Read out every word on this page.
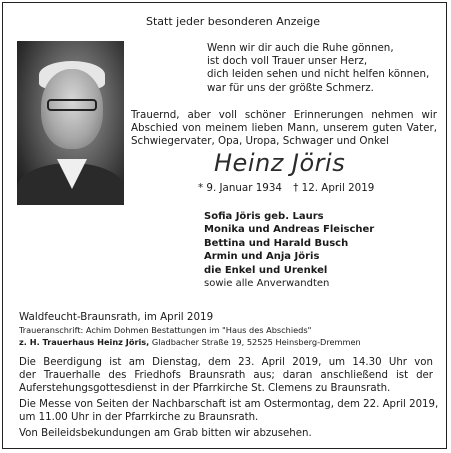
Statt jeder besonderen Anzeige
Wenn wir dir auch die Ruhe gönnen,
ist doch voll Trauer unser Herz,
dich leiden sehen und nicht helfen können,
war für uns der größte Schmerz.
Trauernd, aber voll schöner Erinnerungen nehmen wir
Abschied von meinem lieben Mann, unserem guten Vater,
Schwiegervater, Opa, Uropa, Schwager und Onkel
Heinz Jöris
* 9. Januar 1934 † 12. April 2019
Sofia Jöris geb. Laurs
Monika und Andreas Fleischer
Bettina und Harald Busch
Armin und Anja Jöris
die Enkel und Urenkel
sowie alle Anverwandten
Waldfeucht-Braunsrath, im April 2019
Traueranschrift: Achim Dohmen Bestattungen im "Haus des Abschieds"
z. H. Trauerhaus Heinz Jöris, Gladbacher Straße 19, 52525 Heinsberg-Dremmen
Die Beerdigung ist am Dienstag, dem 23. April 2019, um 14.30 Uhr von
der Trauerhalle des Friedhofs Braunsrath aus; daran anschließend ist der
Auferstehungsgottesdienst in der Pfarrkirche St. Clemens zu Braunsrath.
Die Messe von Seiten der Nachbarschaft ist am Ostermontag, dem 22. April 2019,
um 11.00 Uhr in der Pfarrkirche zu Braunsrath.
Von Beileidsbekundungen am Grab bitten wir abzusehen.
